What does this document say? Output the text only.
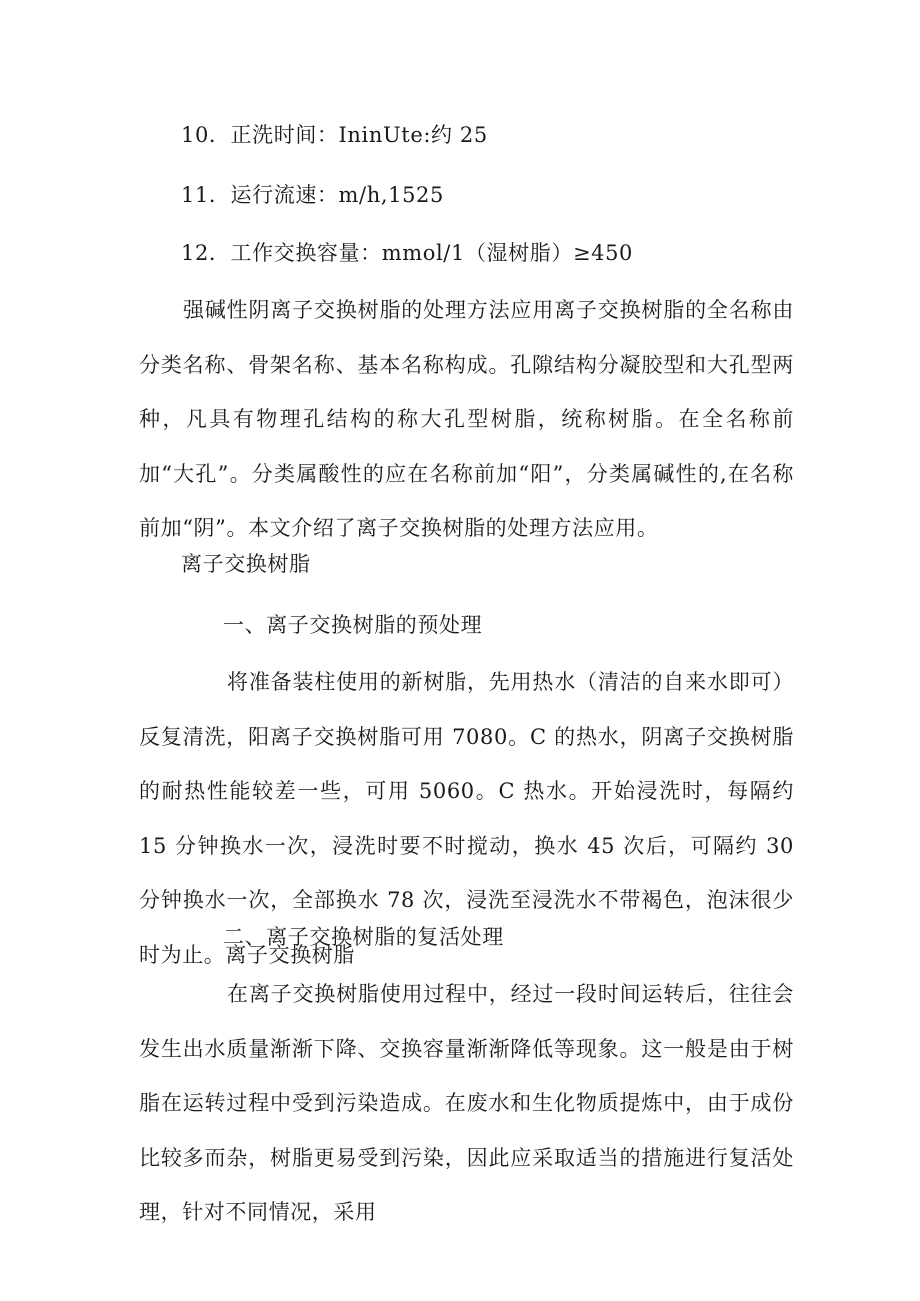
10．正洗时间：IninUte:约 25
11．运行流速：m/h,1525
12．工作交换容量：mmol/1（湿树脂）≥450

强碱性阴离子交换树脂的处理方法应用离子交换树脂的全名称由分类名称、骨架名称、基本名称构成。孔隙结构分凝胶型和大孔型两种，凡具有物理孔结构的称大孔型树脂，统称树脂。在全名称前加“大孔”。分类属酸性的应在名称前加“阳”，分类属碱性的,在名称前加“阴”。本文介绍了离子交换树脂的处理方法应用。

离子交换树脂
一、离子交换树脂的预处理

将准备装柱使用的新树脂，先用热水（清洁的自来水即可）反复清洗，阳离子交换树脂可用 7080。C 的热水，阴离子交换树脂的耐热性能较差一些，可用 5060。C 热水。开始浸洗时，每隔约 15 分钟换水一次，浸洗时要不时搅动，换水 45 次后，可隔约 30 分钟换水一次，全部换水 78 次，浸洗至浸洗水不带褐色，泡沫很少时为止。离子交换树脂

二、离子交换树脂的复活处理

在离子交换树脂使用过程中，经过一段时间运转后，往往会发生出水质量渐渐下降、交换容量渐渐降低等现象。这一般是由于树脂在运转过程中受到污染造成。在废水和生化物质提炼中，由于成份比较多而杂，树脂更易受到污染，因此应采取适当的措施进行复活处理，针对不同情况，采用
